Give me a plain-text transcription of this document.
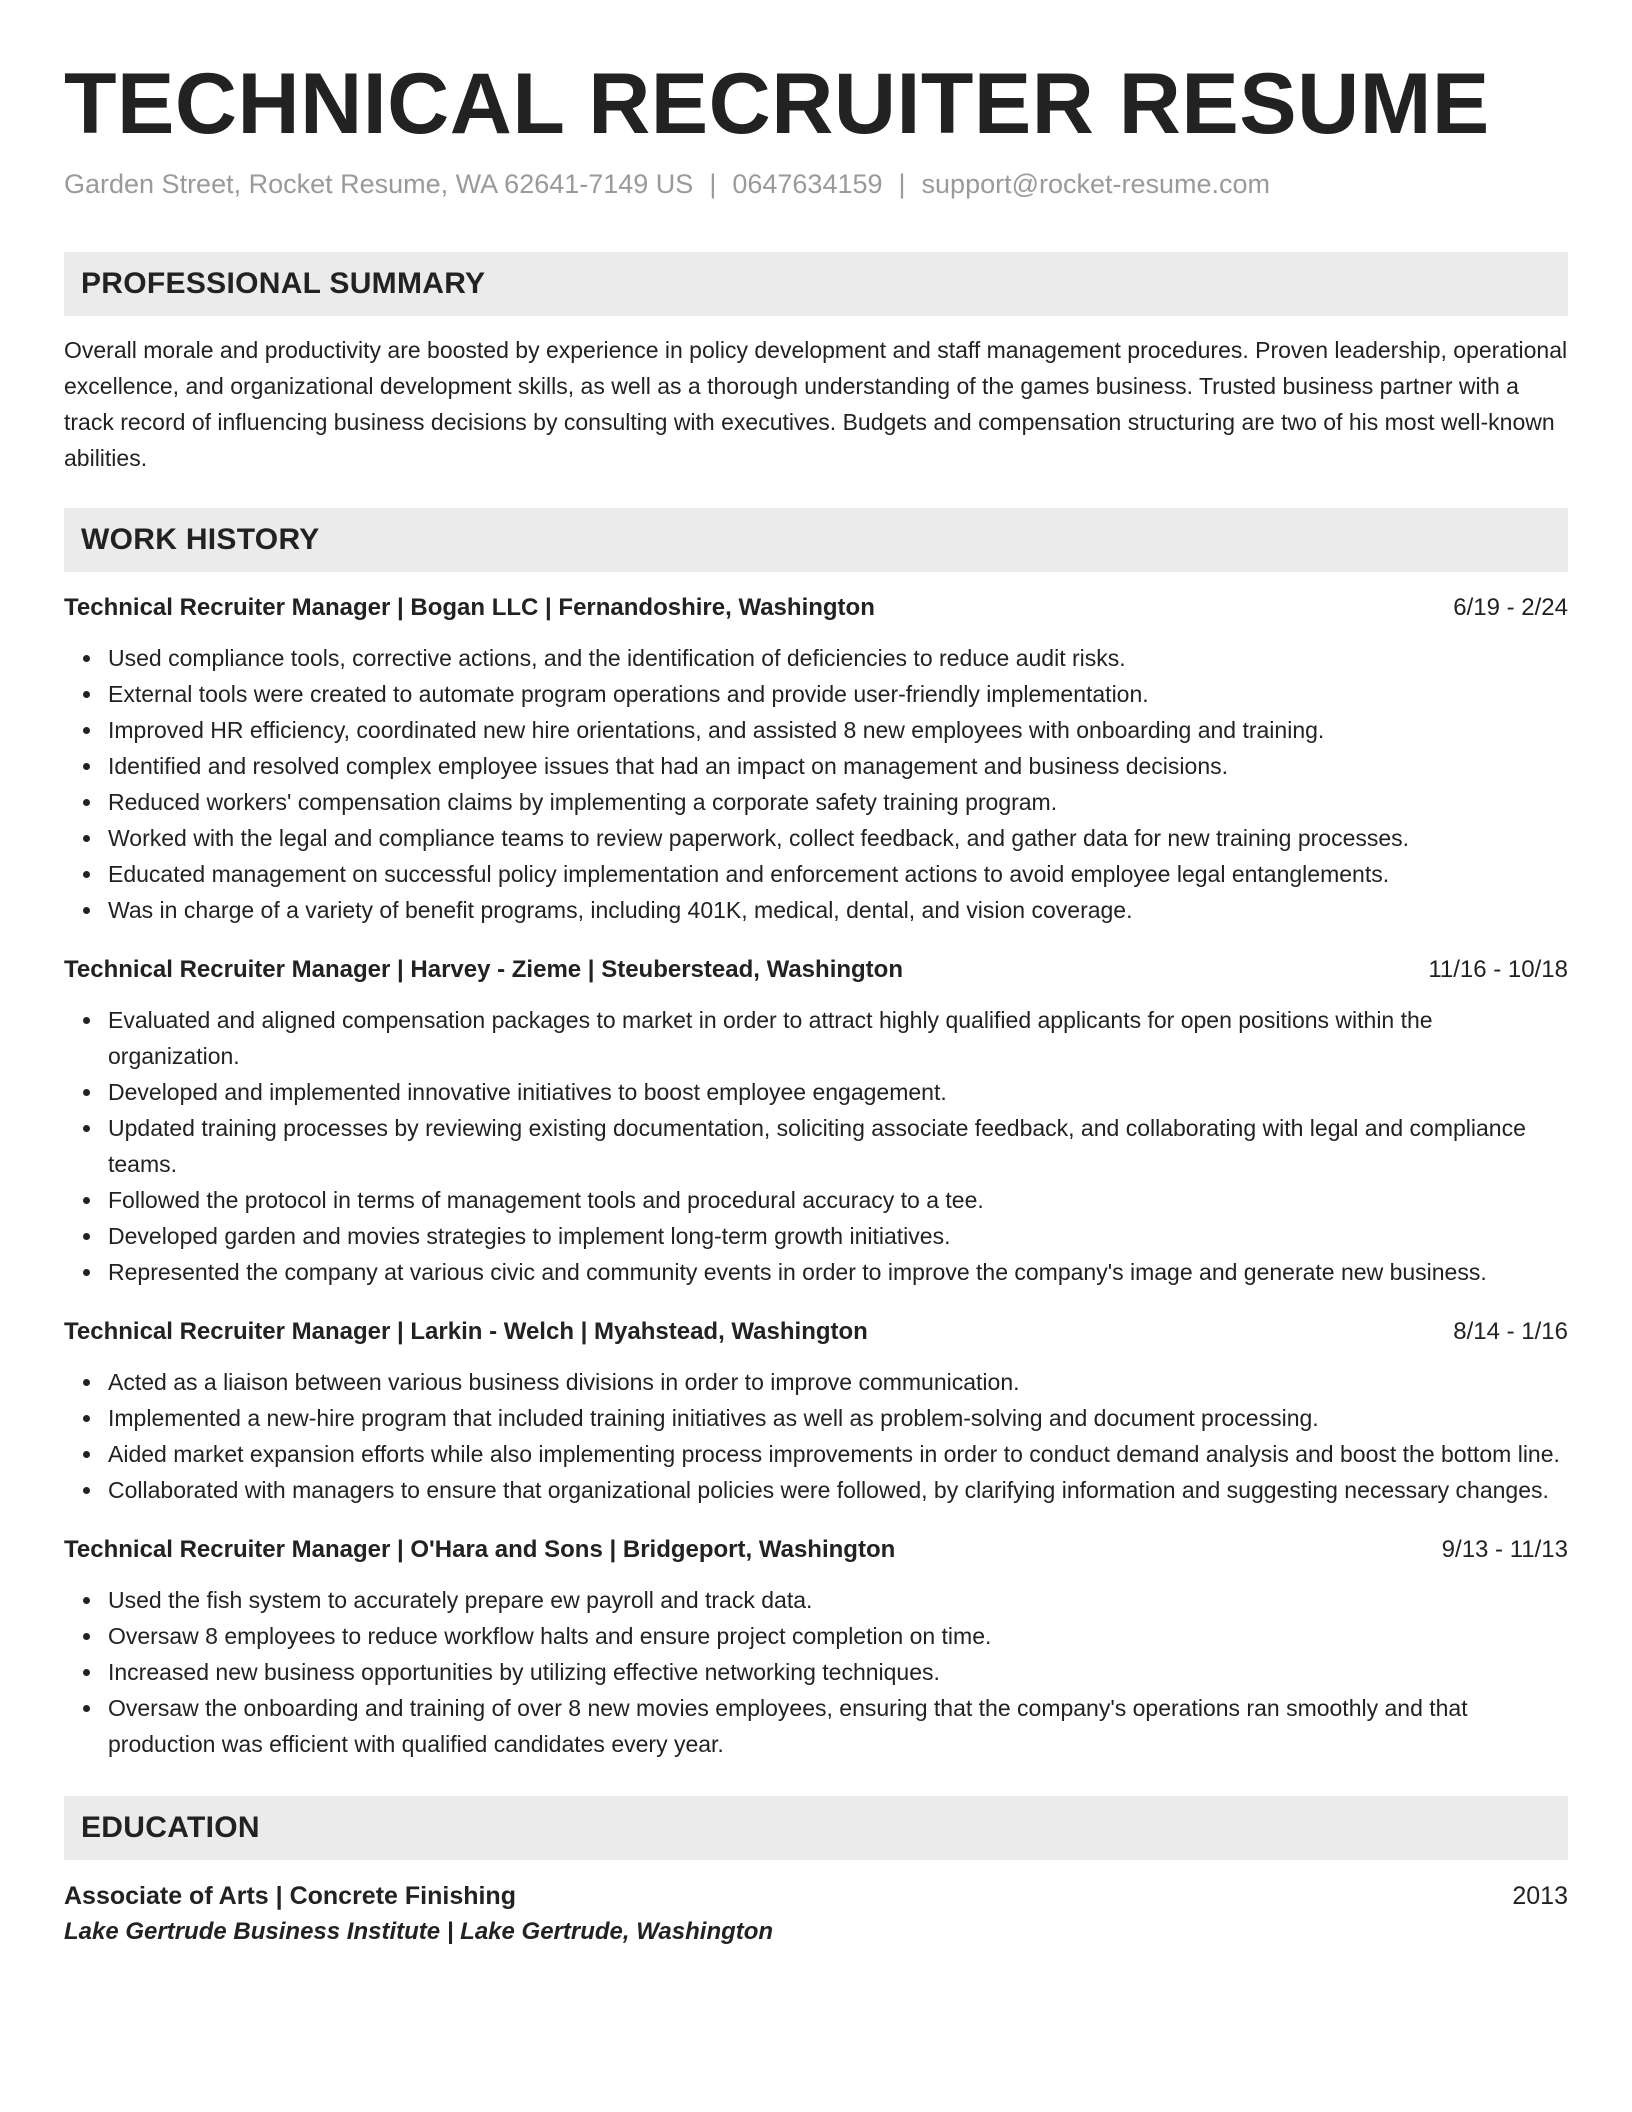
TECHNICAL RECRUITER RESUME
Garden Street, Rocket Resume, WA 62641-7149 US | 0647634159 | support@rocket-resume.com
PROFESSIONAL SUMMARY

Overall morale and productivity are boosted by experience in policy development and staff management procedures. Proven leadership, operational excellence, and organizational development skills, as well as a thorough understanding of the games business. Trusted business partner with a track record of influencing business decisions by consulting with executives. Budgets and compensation structuring are two of his most well-known abilities.

WORK HISTORY
Technical Recruiter Manager | Bogan LLC | Fernandoshire, Washington	6/19 - 2/24
Used compliance tools, corrective actions, and the identification of deficiencies to reduce audit risks.
External tools were created to automate program operations and provide user-friendly implementation.
Improved HR efficiency, coordinated new hire orientations, and assisted 8 new employees with onboarding and training.
Identified and resolved complex employee issues that had an impact on management and business decisions.
Reduced workers' compensation claims by implementing a corporate safety training program.
Worked with the legal and compliance teams to review paperwork, collect feedback, and gather data for new training processes.
Educated management on successful policy implementation and enforcement actions to avoid employee legal entanglements.
Was in charge of a variety of benefit programs, including 401K, medical, dental, and vision coverage.
Technical Recruiter Manager | Harvey - Zieme | Steuberstead, Washington	11/16 - 10/18
Evaluated and aligned compensation packages to market in order to attract highly qualified applicants for open positions within the organization.
Developed and implemented innovative initiatives to boost employee engagement.
Updated training processes by reviewing existing documentation, soliciting associate feedback, and collaborating with legal and compliance teams.
Followed the protocol in terms of management tools and procedural accuracy to a tee.
Developed garden and movies strategies to implement long-term growth initiatives.
Represented the company at various civic and community events in order to improve the company's image and generate new business.
Technical Recruiter Manager | Larkin - Welch | Myahstead, Washington	8/14 - 1/16
Acted as a liaison between various business divisions in order to improve communication.
Implemented a new-hire program that included training initiatives as well as problem-solving and document processing.
Aided market expansion efforts while also implementing process improvements in order to conduct demand analysis and boost the bottom line.
Collaborated with managers to ensure that organizational policies were followed, by clarifying information and suggesting necessary changes.
Technical Recruiter Manager | O'Hara and Sons | Bridgeport, Washington	9/13 - 11/13
Used the fish system to accurately prepare ew payroll and track data.
Oversaw 8 employees to reduce workflow halts and ensure project completion on time.
Increased new business opportunities by utilizing effective networking techniques.
Oversaw the onboarding and training of over 8 new movies employees, ensuring that the company's operations ran smoothly and that production was efficient with qualified candidates every year.
EDUCATION
Associate of Arts | Concrete Finishing	2013
Lake Gertrude Business Institute | Lake Gertrude, Washington
